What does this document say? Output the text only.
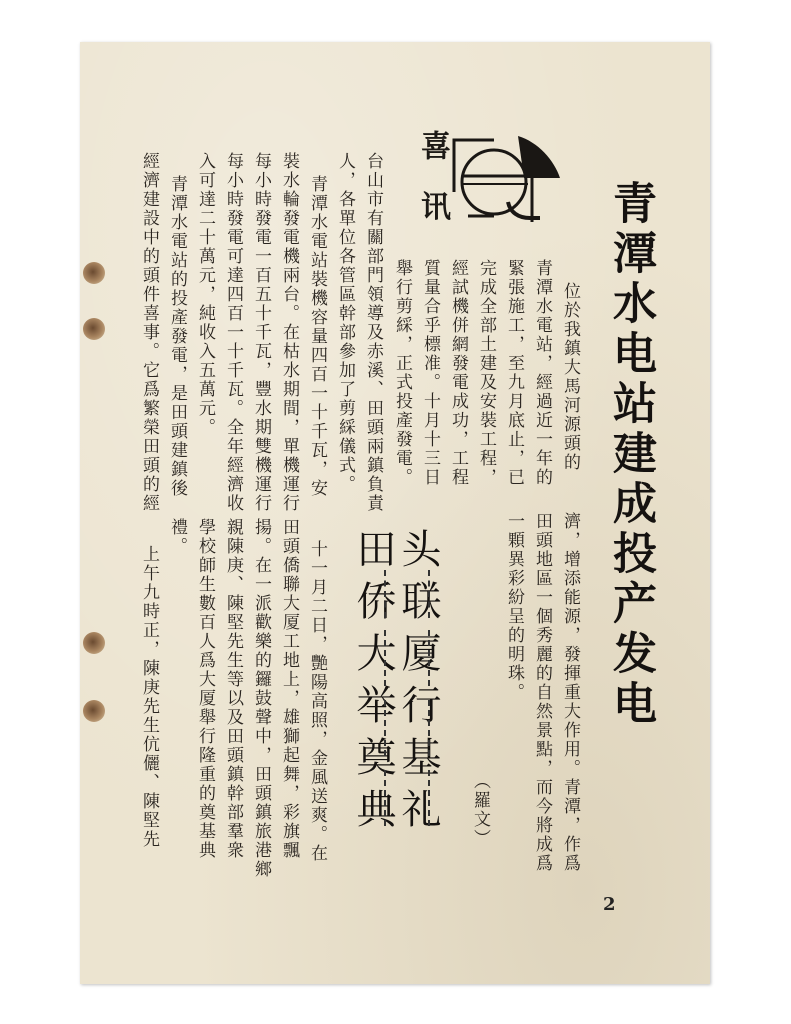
青潭水电站建成投产发电
喜 讯
位於我鎮大馬河源頭的
青潭水電站，經過近一年的
緊張施工，至九月底止，已
完成全部土建及安裝工程，
經試機併網發電成功，工程
質量合乎標准。十月十三日
舉行剪綵，正式投產發電。
台山市有關部門領導及赤溪、田頭兩鎮負責
人，各單位各管區幹部參加了剪綵儀式。
青潭水電站裝機容量四百一十千瓦，安
裝水輪發電機兩台。在枯水期間，單機運行
每小時發電一百五十千瓦，豐水期雙機運行
每小時發電可達四百一十千瓦。全年經濟收
入可達二十萬元，純收入五萬元。
青潭水電站的投產發電，是田頭建鎮後
經濟建設中的頭件喜事。它爲繁榮田頭的經
濟，增添能源，發揮重大作用。青潭，作爲
田頭地區一個秀麗的自然景點，而今將成爲
一顆異彩紛呈的明珠。
（羅文）
头联厦行基礼
田侨大举奠典
十一月二日，艷陽高照，金風送爽。在
田頭僑聯大厦工地上，雄獅起舞，彩旗飄
揚。在一派歡樂的鑼鼓聲中，田頭鎮旅港鄉
親陳庚、陳堅先生等以及田頭鎮幹部羣衆
學校師生數百人爲大厦舉行隆重的奠基典
禮。
上午九時正，陳庚先生伉儷、陳堅先
2
